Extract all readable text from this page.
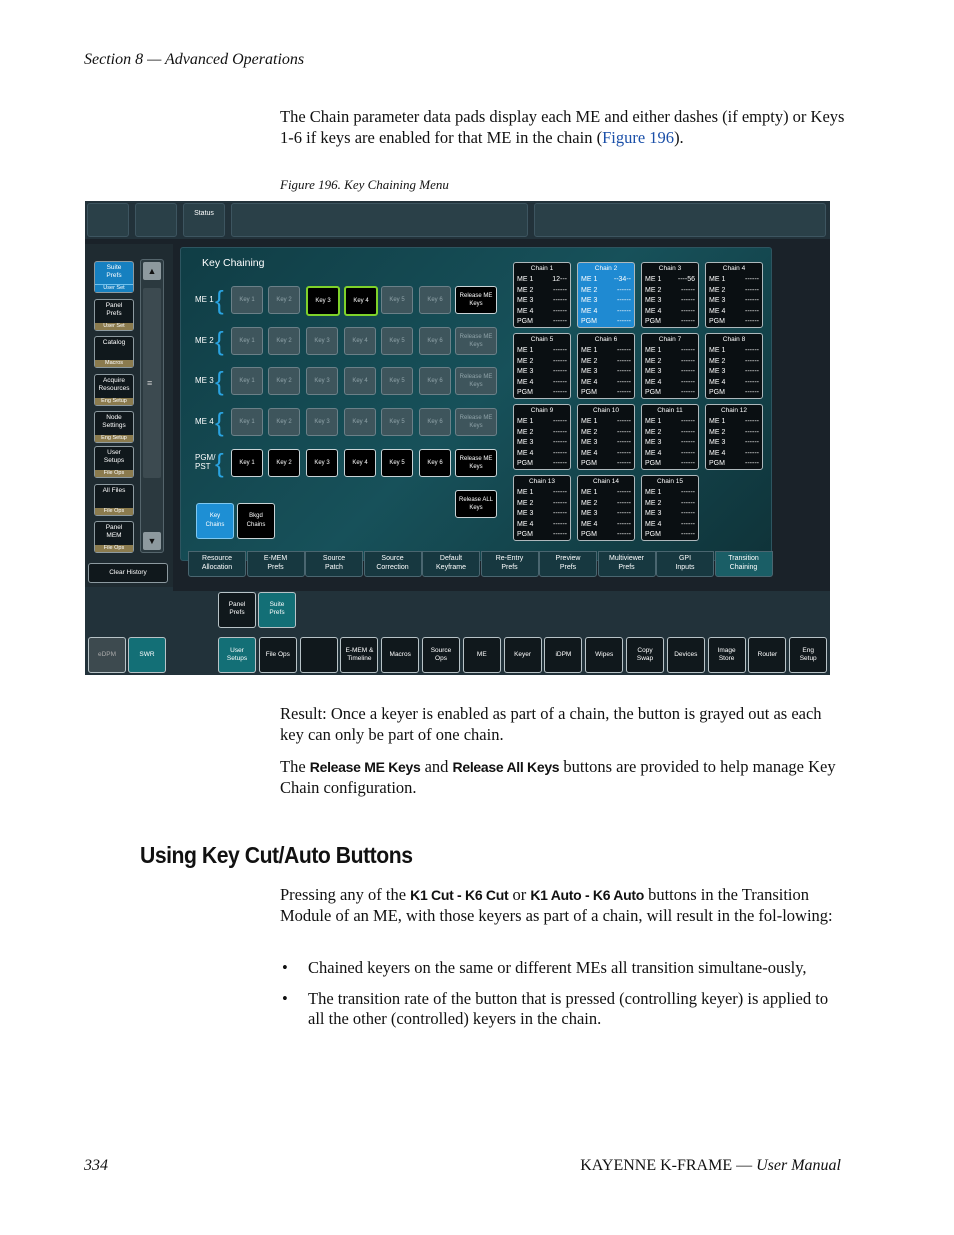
Section 8 — Advanced Operations
The Chain parameter data pads display each ME and either dashes (if empty) or Keys 1-6 if keys are enabled for that ME in the chain (Figure 196).
Figure 196. Key Chaining Menu
Status
▲
≡
▼
Clear History
Key Chaining
Key
Chains
Bkgd
Chains
eDPM	SWR
Suite
Prefs
User Set
Panel
Prefs
User Set
Catalog
Macros
Acquire
Resources
Eng Setup
Node
Settings
Eng Setup
User
Setups
File Ops
All Files
File Ops
Panel
MEM
File Ops
ME 1 {	Key 1	Key 2	Key 3	Key 4	Key 5	Key 6
Release ME
Keys
ME 2 {	Key 1	Key 2	Key 3	Key 4	Key 5	Key 6
Release ME
Keys
ME 3 {	Key 1	Key 2	Key 3	Key 4	Key 5	Key 6
Release ME
Keys
ME 4 {	Key 1	Key 2	Key 3	Key 4	Key 5	Key 6
Release ME
Keys
PGM/
PST {	Key 1	Key 2	Key 3	Key 4	Key 5	Key 6
Release ME
Keys
Release ALL
Keys
Chain 1
ME 1	12---
ME 2	------
ME 3	------
ME 4	------
PGM	------
Chain 2
ME 1 --34--
ME 2	------
ME 3	------
ME 4	------
PGM	------
Chain 3
ME 1 ----56
ME 2	------
ME 3	------
ME 4	------
PGM	------
Chain 4
ME 1	------
ME 2	------
ME 3	------
ME 4	------
PGM	------
Chain 5
ME 1	------
ME 2	------
ME 3	------
ME 4	------
PGM	------
Chain 6
ME 1	------
ME 2	------
ME 3	------
ME 4	------
PGM	------
Chain 7
ME 1	------
ME 2	------
ME 3	------
ME 4	------
PGM	------
Chain 8
ME 1	------
ME 2	------
ME 3	------
ME 4	------
PGM	------
Chain 9
ME 1	------
ME 2	------
ME 3	------
ME 4	------
PGM	------
Chain 10
ME 1	------
ME 2	------
ME 3	------
ME 4	------
PGM	------
Chain 11
ME 1	------
ME 2	------
ME 3	------
ME 4	------
PGM	------
Chain 12
ME 1	------
ME 2	------
ME 3	------
ME 4	------
PGM	------
Chain 13
ME 1	------
ME 2	------
ME 3	------
ME 4	------
PGM	------
Chain 14
ME 1	------
ME 2	------
ME 3	------
ME 4	------
PGM	------
Chain 15
ME 1	------
ME 2	------
ME 3	------
ME 4	------
PGM	------
Resource
Allocation
E-MEM
Prefs
Source
Patch
Source
Correction
Default
Keyframe
Re-Entry
Prefs
Preview
Prefs
Multiviewer
Prefs
GPI
Inputs
Transition
Chaining
Panel
Prefs
Suite
Prefs
User
Setups
File Ops
E-MEM &
Timeline
Macros
Source
Ops
ME	Keyer	iDPM	Wipes
Copy
Swap
Devices
Image
Store
Router
Eng
Setup
Result: Once a keyer is enabled as part of a chain, the button is grayed out as each key can only be part of one chain.
The Release ME Keys and Release All Keys buttons are provided to help manage Key Chain configuration.
Using Key Cut/Auto Buttons
Pressing any of the K1 Cut - K6 Cut or K1 Auto - K6 Auto buttons in the Transition Module of an ME, with those keyers as part of a chain, will result in the fol-lowing:
• Chained keyers on the same or different MEs all transition simultane-ously,
• The transition rate of the button that is pressed (controlling keyer) is applied to all the other (controlled) keyers in the chain.
334	KAYENNE K-FRAME — User Manual
